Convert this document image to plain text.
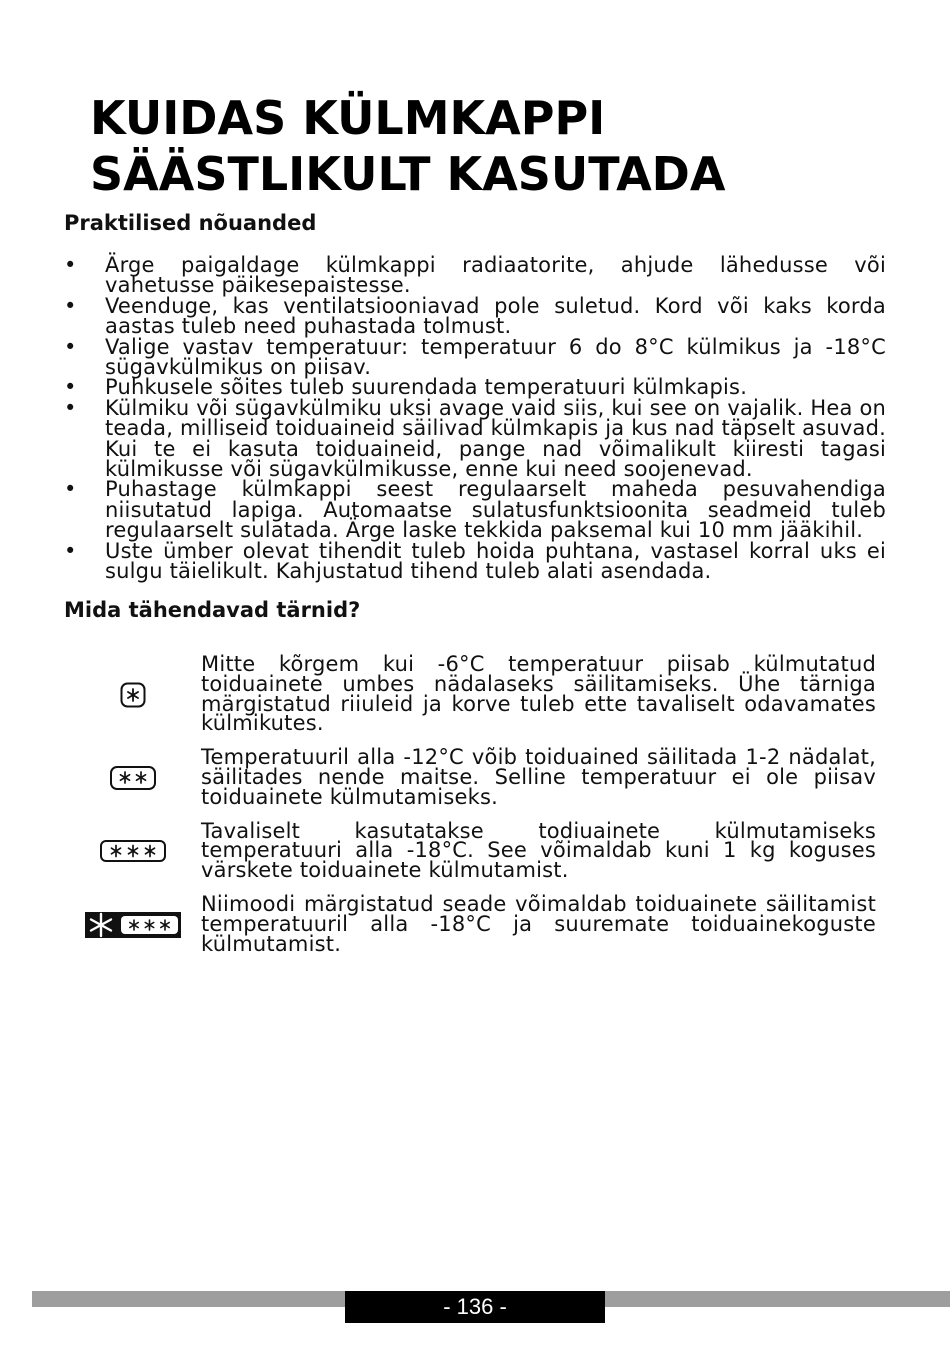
KUIDAS KÜLMKAPPI
SÄÄSTLIKULT KASUTADA
Praktilised nõuanded
•	Ärge paigaldage külmkappi radiaatorite, ahjude lähedusse või vahetusse päikesepaistesse.
•	Veenduge, kas ventilatsiooniavad pole suletud. Kord või kaks korda aastas tuleb need puhastada tolmust.
•	Valige vastav temperatuur: temperatuur 6 do 8°C külmikus ja -18°C sügavkülmikus on piisav.
•	Puhkusele sõites tuleb suurendada temperatuuri külmkapis.
•	Külmiku või sügavkülmiku uksi avage vaid siis, kui see on vajalik. Hea on teada, milliseid toiduaineid säilivad külmkapis ja kus nad täpselt asuvad. Kui te ei kasuta toiduaineid, pange nad võimalikult kiiresti tagasi külmikusse või sügavkülmikusse, enne kui need soojenevad.
•	Puhastage külmkappi seest regulaarselt maheda pesuvahendiga niisutatud lapiga. Automaatse sulatusfunktsioonita seadmeid tuleb regulaarselt sulatada. Ärge laske tekkida paksemal kui 10 mm jääkihil.
•	Uste ümber olevat tihendit tuleb hoida puhtana, vastasel korral uks ei sulgu täielikult. Kahjustatud tihend tuleb alati asendada.
Mida tähendavad tärnid?
Mitte kõrgem kui -6°C temperatuur piisab külmutatud toiduainete umbes nädalaseks säilitamiseks. Ühe tärniga märgistatud riiuleid ja korve tuleb ette tavaliselt odavamates külmikutes.
Temperatuuril alla -12°C võib toiduained säilitada 1-2 nädalat, säilitades nende maitse. Selline temperatuur ei ole piisav toiduainete külmutamiseks.
Tavaliselt kasutatakse todiuainete külmutamiseks temperatuuri alla -18°C. See võimaldab kuni 1 kg koguses värskete toiduainete külmutamist.
Niimoodi märgistatud seade võimaldab toiduainete säilitamist temperatuuril alla -18°C ja suuremate toiduainekoguste külmutamist.
- 136 -
